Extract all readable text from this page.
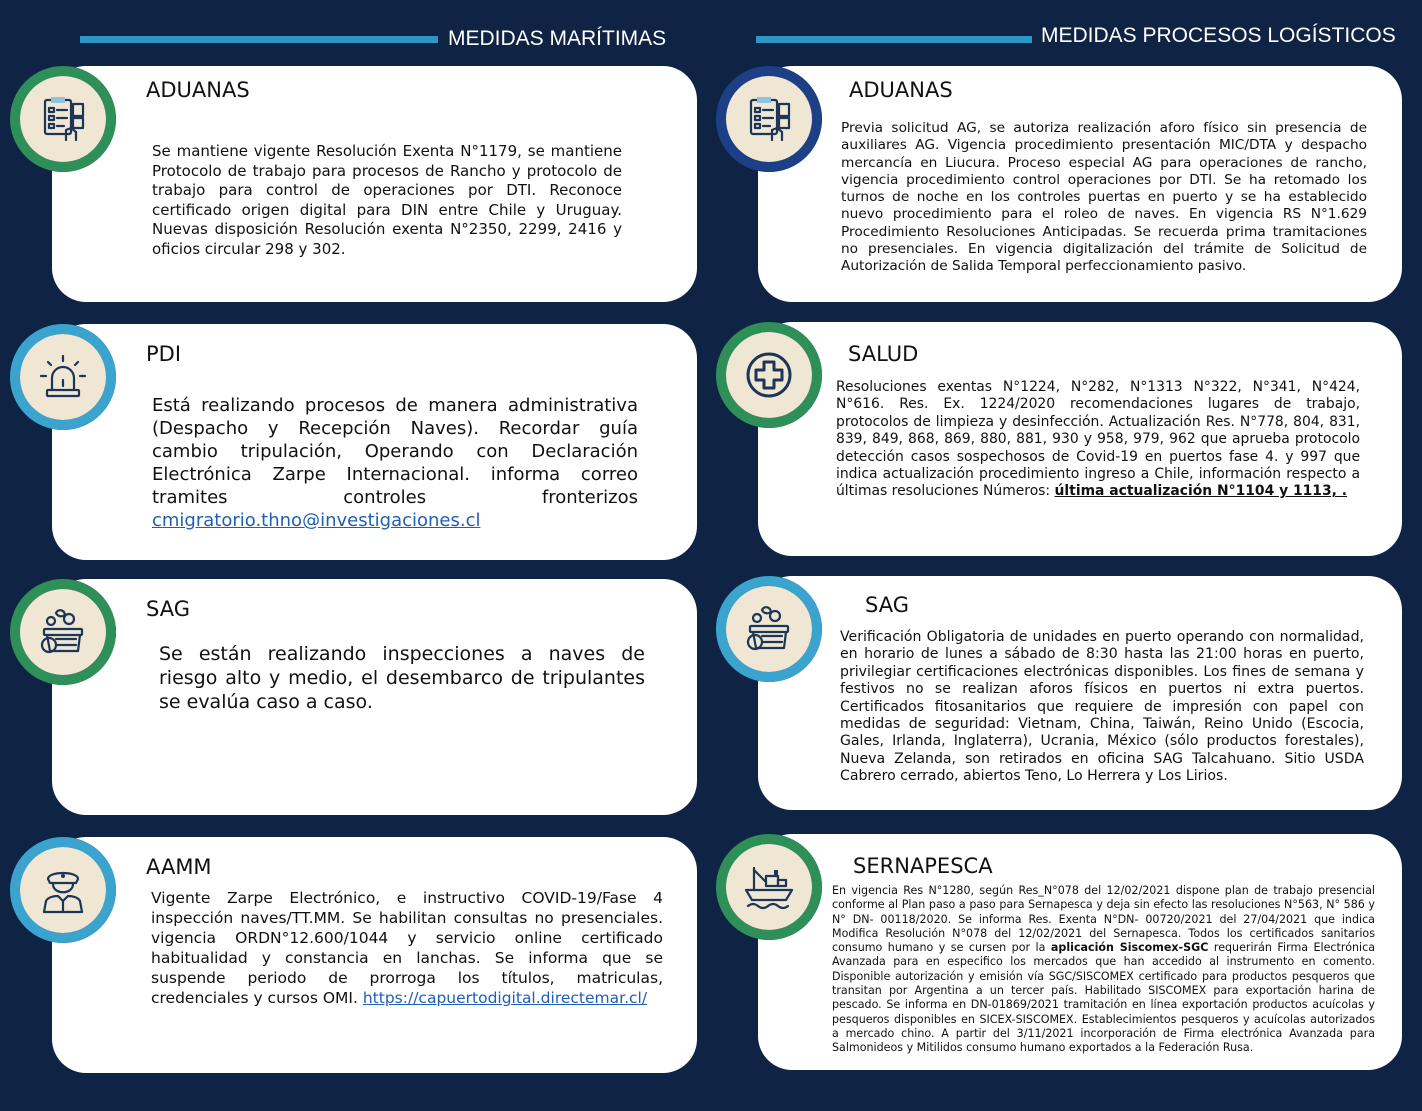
MEDIDAS MARÍTIMAS	MEDIDAS PROCESOS LOGÍSTICOS
ADUANAS
Se mantiene vigente Resolución Exenta N°1179, se mantiene Protocolo de trabajo para procesos de Rancho y protocolo de trabajo para control de operaciones por DTI. Reconoce certificado origen digital para DIN entre Chile y Uruguay. Nuevas disposición Resolución exenta N°2350, 2299, 2416 y oficios circular 298 y 302.
PDI
Está realizando procesos de manera administrativa (Despacho y Recepción Naves). Recordar guía cambio tripulación, Operando con Declaración Electrónica Zarpe Internacional. informa correo tramites controles fronterizos cmigratorio.thno@investigaciones.cl
SAG
Se están realizando inspecciones a naves de riesgo alto y medio, el desembarco de tripulantes se evalúa caso a caso.
AAMM
Vigente Zarpe Electrónico, e instructivo COVID-19/Fase 4 inspección naves/TT.MM. Se habilitan consultas no presenciales. vigencia ORDN°12.600/1044 y servicio online certificado habitualidad y constancia en lanchas. Se informa que se suspende periodo de prorroga los títulos, matriculas, credenciales y cursos OMI. https://capuertodigital.directemar.cl/
ADUANAS
Previa solicitud AG, se autoriza realización aforo físico sin presencia de auxiliares AG. Vigencia procedimiento presentación MIC/DTA y despacho mercancía en Liucura. Proceso especial AG para operaciones de rancho, vigencia procedimiento control operaciones por DTI. Se ha retomado los turnos de noche en los controles puertas en puerto y se ha establecido nuevo procedimiento para el roleo de naves. En vigencia RS N°1.629 Procedimiento Resoluciones Anticipadas. Se recuerda prima tramitaciones no presenciales. En vigencia digitalización del trámite de Solicitud de Autorización de Salida Temporal perfeccionamiento pasivo.
SALUD
Resoluciones exentas N°1224, N°282, N°1313 N°322, N°341, N°424, N°616. Res. Ex. 1224/2020 recomendaciones lugares de trabajo, protocolos de limpieza y desinfección. Actualización Res. N°778, 804, 831, 839, 849, 868, 869, 880, 881, 930 y 958, 979, 962 que aprueba protocolo detección casos sospechosos de Covid-19 en puertos fase 4. y 997 que indica actualización procedimiento ingreso a Chile, información respecto a últimas resoluciones Números: última actualización N°1104 y 1113, .
SAG
Verificación Obligatoria de unidades en puerto operando con normalidad, en horario de lunes a sábado de 8:30 hasta las 21:00 horas en puerto, privilegiar certificaciones electrónicas disponibles. Los fines de semana y festivos no se realizan aforos físicos en puertos ni extra puertos. Certificados fitosanitarios que requiere de impresión con papel con medidas de seguridad: Vietnam, China, Taiwán, Reino Unido (Escocia, Gales, Irlanda, Inglaterra), Ucrania, México (sólo productos forestales), Nueva Zelanda, son retirados en oficina SAG Talcahuano. Sitio USDA Cabrero cerrado, abiertos Teno, Lo Herrera y Los Lirios.
SERNAPESCA
En vigencia Res N°1280, según Res_N°078 del 12/02/2021 dispone plan de trabajo presencial conforme al Plan paso a paso para Sernapesca y deja sin efecto las resoluciones N°563, N° 586 y N° DN- 00118/2020. Se informa Res. Exenta N°DN- 00720/2021 del 27/04/2021 que indica Modifica Resolución N°078 del 12/02/2021 del Sernapesca. Todos los certificados sanitarios consumo humano y se cursen por la aplicación Siscomex-SGC requerirán Firma Electrónica Avanzada para en especifico los mercados que han accedido al instrumento en comento. Disponible autorización y emisión vía SGC/SISCOMEX certificado para productos pesqueros que transitan por Argentina a un tercer país. Habilitado SISCOMEX para exportación harina de pescado. Se informa en DN-01869/2021 tramitación en línea exportación productos acuícolas y pesqueros disponibles en SICEX-SISCOMEX. Establecimientos pesqueros y acuícolas autorizados a mercado chino. A partir del 3/11/2021 incorporación de Firma electrónica Avanzada para Salmonideos y Mitilidos consumo humano exportados a la Federación Rusa.
